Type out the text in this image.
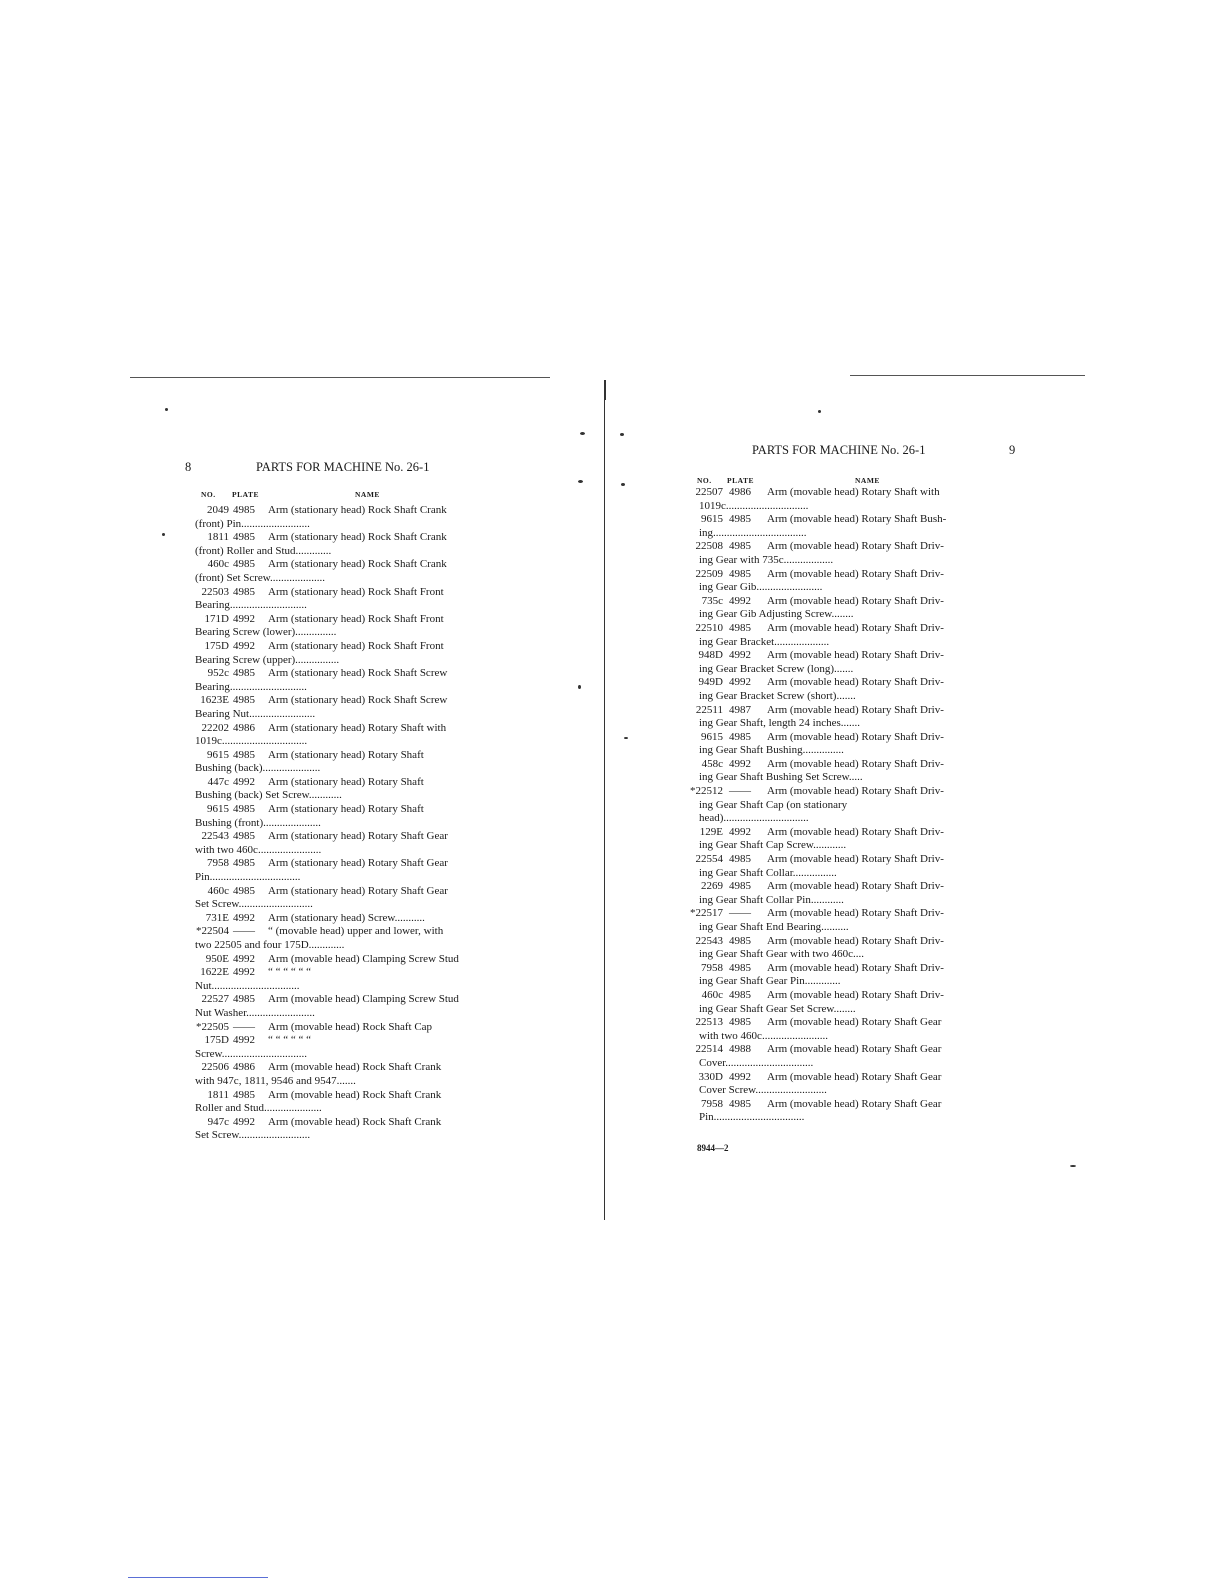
8	PARTS FOR MACHINE No. 26-1
NO. PLATE	NAME
2049 4985 Arm (stationary head) Rock Shaft Crank
(front) Pin.........................
1811 4985 Arm (stationary head) Rock Shaft Crank
(front) Roller and Stud.............
460c 4985 Arm (stationary head) Rock Shaft Crank
(front) Set Screw....................
22503 4985 Arm (stationary head) Rock Shaft Front
Bearing............................
171D 4992 Arm (stationary head) Rock Shaft Front
Bearing Screw (lower)...............
175D 4992 Arm (stationary head) Rock Shaft Front
Bearing Screw (upper)................
952c 4985 Arm (stationary head) Rock Shaft Screw
Bearing............................
1623E 4985 Arm (stationary head) Rock Shaft Screw
Bearing Nut........................
22202 4986 Arm (stationary head) Rotary Shaft with
1019c...............................
9615 4985 Arm (stationary head) Rotary Shaft
Bushing (back).....................
447c 4992 Arm (stationary head) Rotary Shaft
Bushing (back) Set Screw............
9615 4985 Arm (stationary head) Rotary Shaft
Bushing (front).....................
22543 4985 Arm (stationary head) Rotary Shaft Gear
with two 460c.......................
7958 4985 Arm (stationary head) Rotary Shaft Gear
Pin.................................
460c 4985 Arm (stationary head) Rotary Shaft Gear
Set Screw...........................
731E 4992 Arm (stationary head) Screw...........
*22504 —— “ (movable head) upper and lower, with
two 22505 and four 175D.............
950E 4992 Arm (movable head) Clamping Screw Stud
1622E 4992 “ “ “ “ “ “
Nut................................
22527 4985 Arm (movable head) Clamping Screw Stud
Nut Washer.........................
*22505 —— Arm (movable head) Rock Shaft Cap
175D 4992 “ “ “ “ “ “
Screw...............................
22506 4986 Arm (movable head) Rock Shaft Crank
with 947c, 1811, 9546 and 9547.......
1811 4985 Arm (movable head) Rock Shaft Crank
Roller and Stud.....................
947c 4992 Arm (movable head) Rock Shaft Crank
Set Screw..........................
PARTS FOR MACHINE No. 26-1	9
NO. PLATE	NAME
22507 4986 Arm (movable head) Rotary Shaft with
1019c..............................
9615 4985 Arm (movable head) Rotary Shaft Bush-
ing..................................
22508 4985 Arm (movable head) Rotary Shaft Driv-
ing Gear with 735c..................
22509 4985 Arm (movable head) Rotary Shaft Driv-
ing Gear Gib........................
735c 4992 Arm (movable head) Rotary Shaft Driv-
ing Gear Gib Adjusting Screw........
22510 4985 Arm (movable head) Rotary Shaft Driv-
ing Gear Bracket....................
948D 4992 Arm (movable head) Rotary Shaft Driv-
ing Gear Bracket Screw (long).......
949D 4992 Arm (movable head) Rotary Shaft Driv-
ing Gear Bracket Screw (short).......
22511 4987 Arm (movable head) Rotary Shaft Driv-
ing Gear Shaft, length 24 inches.......
9615 4985 Arm (movable head) Rotary Shaft Driv-
ing Gear Shaft Bushing...............
458c 4992 Arm (movable head) Rotary Shaft Driv-
ing Gear Shaft Bushing Set Screw.....
*22512 —— Arm (movable head) Rotary Shaft Driv-
ing Gear Shaft Cap (on stationary
head)...............................
129E 4992 Arm (movable head) Rotary Shaft Driv-
ing Gear Shaft Cap Screw............
22554 4985 Arm (movable head) Rotary Shaft Driv-
ing Gear Shaft Collar................
2269 4985 Arm (movable head) Rotary Shaft Driv-
ing Gear Shaft Collar Pin............
*22517 —— Arm (movable head) Rotary Shaft Driv-
ing Gear Shaft End Bearing..........
22543 4985 Arm (movable head) Rotary Shaft Driv-
ing Gear Shaft Gear with two 460c....
7958 4985 Arm (movable head) Rotary Shaft Driv-
ing Gear Shaft Gear Pin.............
460c 4985 Arm (movable head) Rotary Shaft Driv-
ing Gear Shaft Gear Set Screw........
22513 4985 Arm (movable head) Rotary Shaft Gear
with two 460c........................
22514 4988 Arm (movable head) Rotary Shaft Gear
Cover................................
330D 4992 Arm (movable head) Rotary Shaft Gear
Cover Screw..........................
7958 4985 Arm (movable head) Rotary Shaft Gear
Pin.................................
8944—2
